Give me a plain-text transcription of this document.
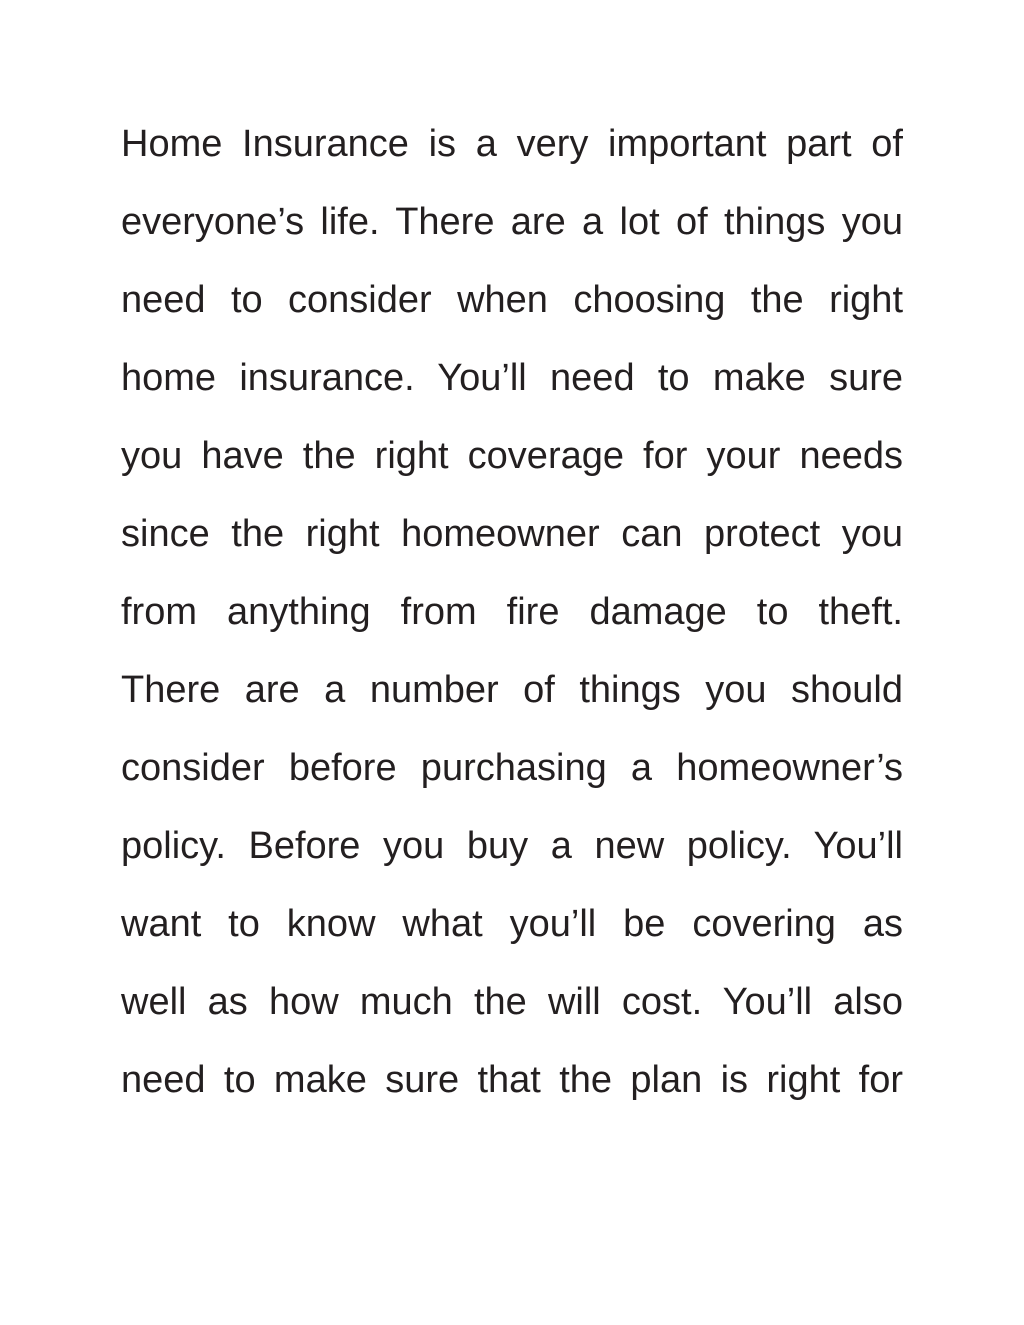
Home Insurance is a very important part of
everyone’s life. There are a lot of things you
need to consider when choosing the right
home insurance. You’ll need to make sure
you have the right coverage for your needs
since the right homeowner can protect you
from anything from fire damage to theft.
There are a number of things you should
consider before purchasing a homeowner’s
policy. Before you buy a new policy. You’ll
want to know what you’ll be covering as
well as how much the will cost. You’ll also
need to make sure that the plan is right for
